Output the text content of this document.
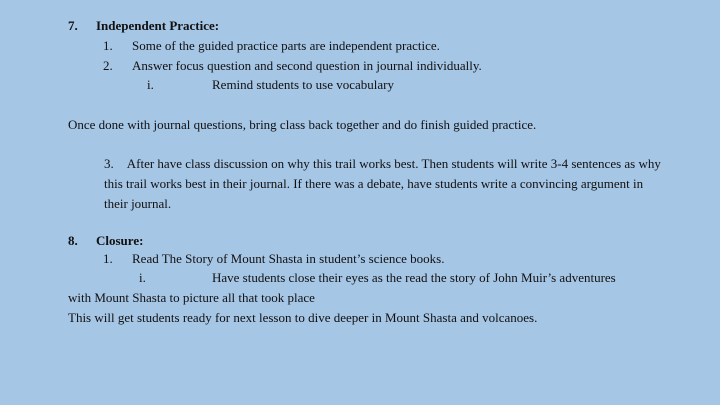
7. Independent Practice:
1. Some of the guided practice parts are independent practice.
2. Answer focus question and second question in journal individually.
i.	Remind students to use vocabulary
Once done with journal questions, bring class back together and do finish guided practice.
3. After have class discussion on why this trail works best. Then students will write 3-4 sentences as why this trail works best in their journal. If there was a debate, have students write a convincing argument in their journal.
8. Closure:
1. Read The Story of Mount Shasta in student’s science books.
i.	Have students close their eyes as the read the story of John Muir’s adventures
with Mount Shasta to picture all that took place
This will get students ready for next lesson to dive deeper in Mount Shasta and volcanoes.
